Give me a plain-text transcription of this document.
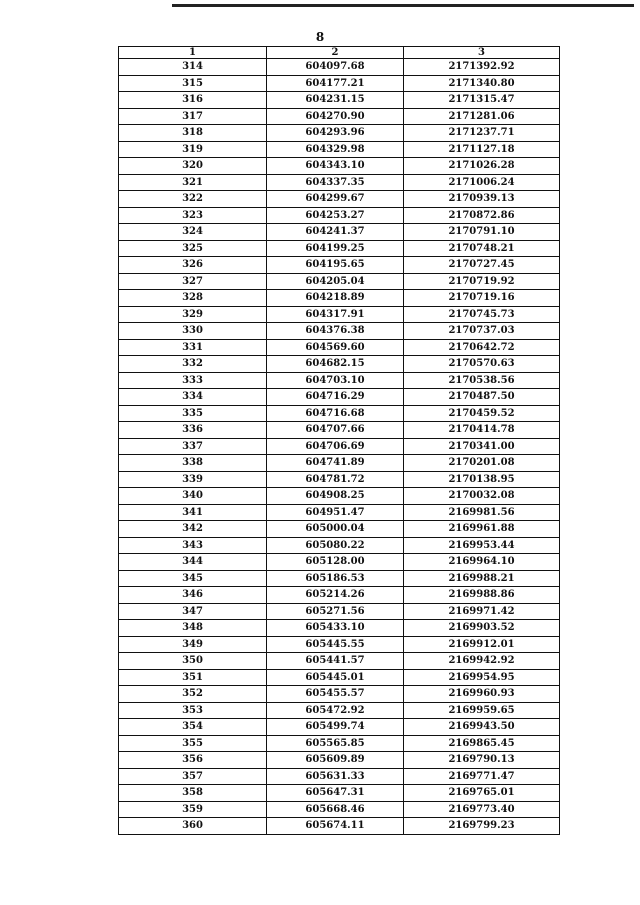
8
1	2	3
314	604097.68	2171392.92
315	604177.21	2171340.80
316	604231.15	2171315.47
317	604270.90	2171281.06
318	604293.96	2171237.71
319	604329.98	2171127.18
320	604343.10	2171026.28
321	604337.35	2171006.24
322	604299.67	2170939.13
323	604253.27	2170872.86
324	604241.37	2170791.10
325	604199.25	2170748.21
326	604195.65	2170727.45
327	604205.04	2170719.92
328	604218.89	2170719.16
329	604317.91	2170745.73
330	604376.38	2170737.03
331	604569.60	2170642.72
332	604682.15	2170570.63
333	604703.10	2170538.56
334	604716.29	2170487.50
335	604716.68	2170459.52
336	604707.66	2170414.78
337	604706.69	2170341.00
338	604741.89	2170201.08
339	604781.72	2170138.95
340	604908.25	2170032.08
341	604951.47	2169981.56
342	605000.04	2169961.88
343	605080.22	2169953.44
344	605128.00	2169964.10
345	605186.53	2169988.21
346	605214.26	2169988.86
347	605271.56	2169971.42
348	605433.10	2169903.52
349	605445.55	2169912.01
350	605441.57	2169942.92
351	605445.01	2169954.95
352	605455.57	2169960.93
353	605472.92	2169959.65
354	605499.74	2169943.50
355	605565.85	2169865.45
356	605609.89	2169790.13
357	605631.33	2169771.47
358	605647.31	2169765.01
359	605668.46	2169773.40
360	605674.11	2169799.23
